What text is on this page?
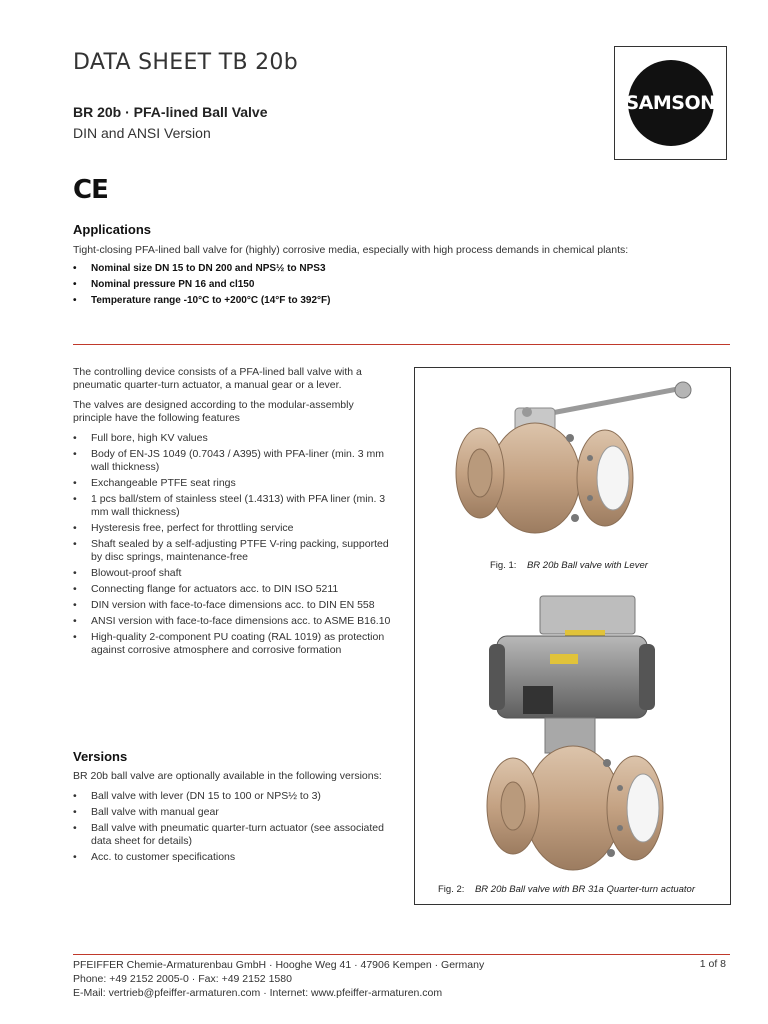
DATA SHEET TB 20b
BR 20b · PFA-lined Ball Valve
DIN and ANSI Version
SAMSON
CE
Applications
Tight-closing PFA-lined ball valve for (highly) corrosive media, especially with high process demands in chemical plants:
•	Nominal size DN 15 to DN 200 and NPS½ to NPS3
•	Nominal pressure PN 16 and cl150
•	Temperature range -10°C to +200°C (14°F to 392°F)

The controlling device consists of a PFA-lined ball valve with a pneumatic quarter-turn actuator, a manual gear or a lever.

The valves are designed according to the modular-assembly principle have the following features

•	Full bore, high KV values
•	Body of EN-JS 1049 (0.7043 / A395) with PFA-liner (min. 3 mm wall thickness)
•	Exchangeable PTFE seat rings
•	1 pcs ball/stem of stainless steel (1.4313) with PFA liner (min. 3 mm wall thickness)
•	Hysteresis free, perfect for throttling service
•	Shaft sealed by a self-adjusting PTFE V-ring packing, supported by disc springs, maintenance-free
•	Blowout-proof shaft
•	Connecting flange for actuators acc. to DIN ISO 5211
•	DIN version with face-to-face dimensions acc. to DIN EN 558
•	ANSI version with face-to-face dimensions acc. to ASME B16.10
•	High-quality 2-component PU coating (RAL 1019) as protection against corrosive atmosphere and corrosive formation
Versions

BR 20b ball valve are optionally available in the following versions:

•	Ball valve with lever (DN 15 to 100 or NPS½ to 3)
•	Ball valve with manual gear
•	Ball valve with pneumatic quarter-turn actuator (see associated data sheet for details)
•	Acc. to customer specifications
Fig. 1: BR 20b Ball valve with Lever
Fig. 2: BR 20b Ball valve with BR 31a Quarter-turn actuator
PFEIFFER Chemie-Armaturenbau GmbH · Hooghe Weg 41 · 47906 Kempen · Germany
Phone: +49 2152 2005-0 · Fax: +49 2152 1580
E-Mail: vertrieb@pfeiffer-armaturen.com · Internet: www.pfeiffer-armaturen.com
1 of 8
